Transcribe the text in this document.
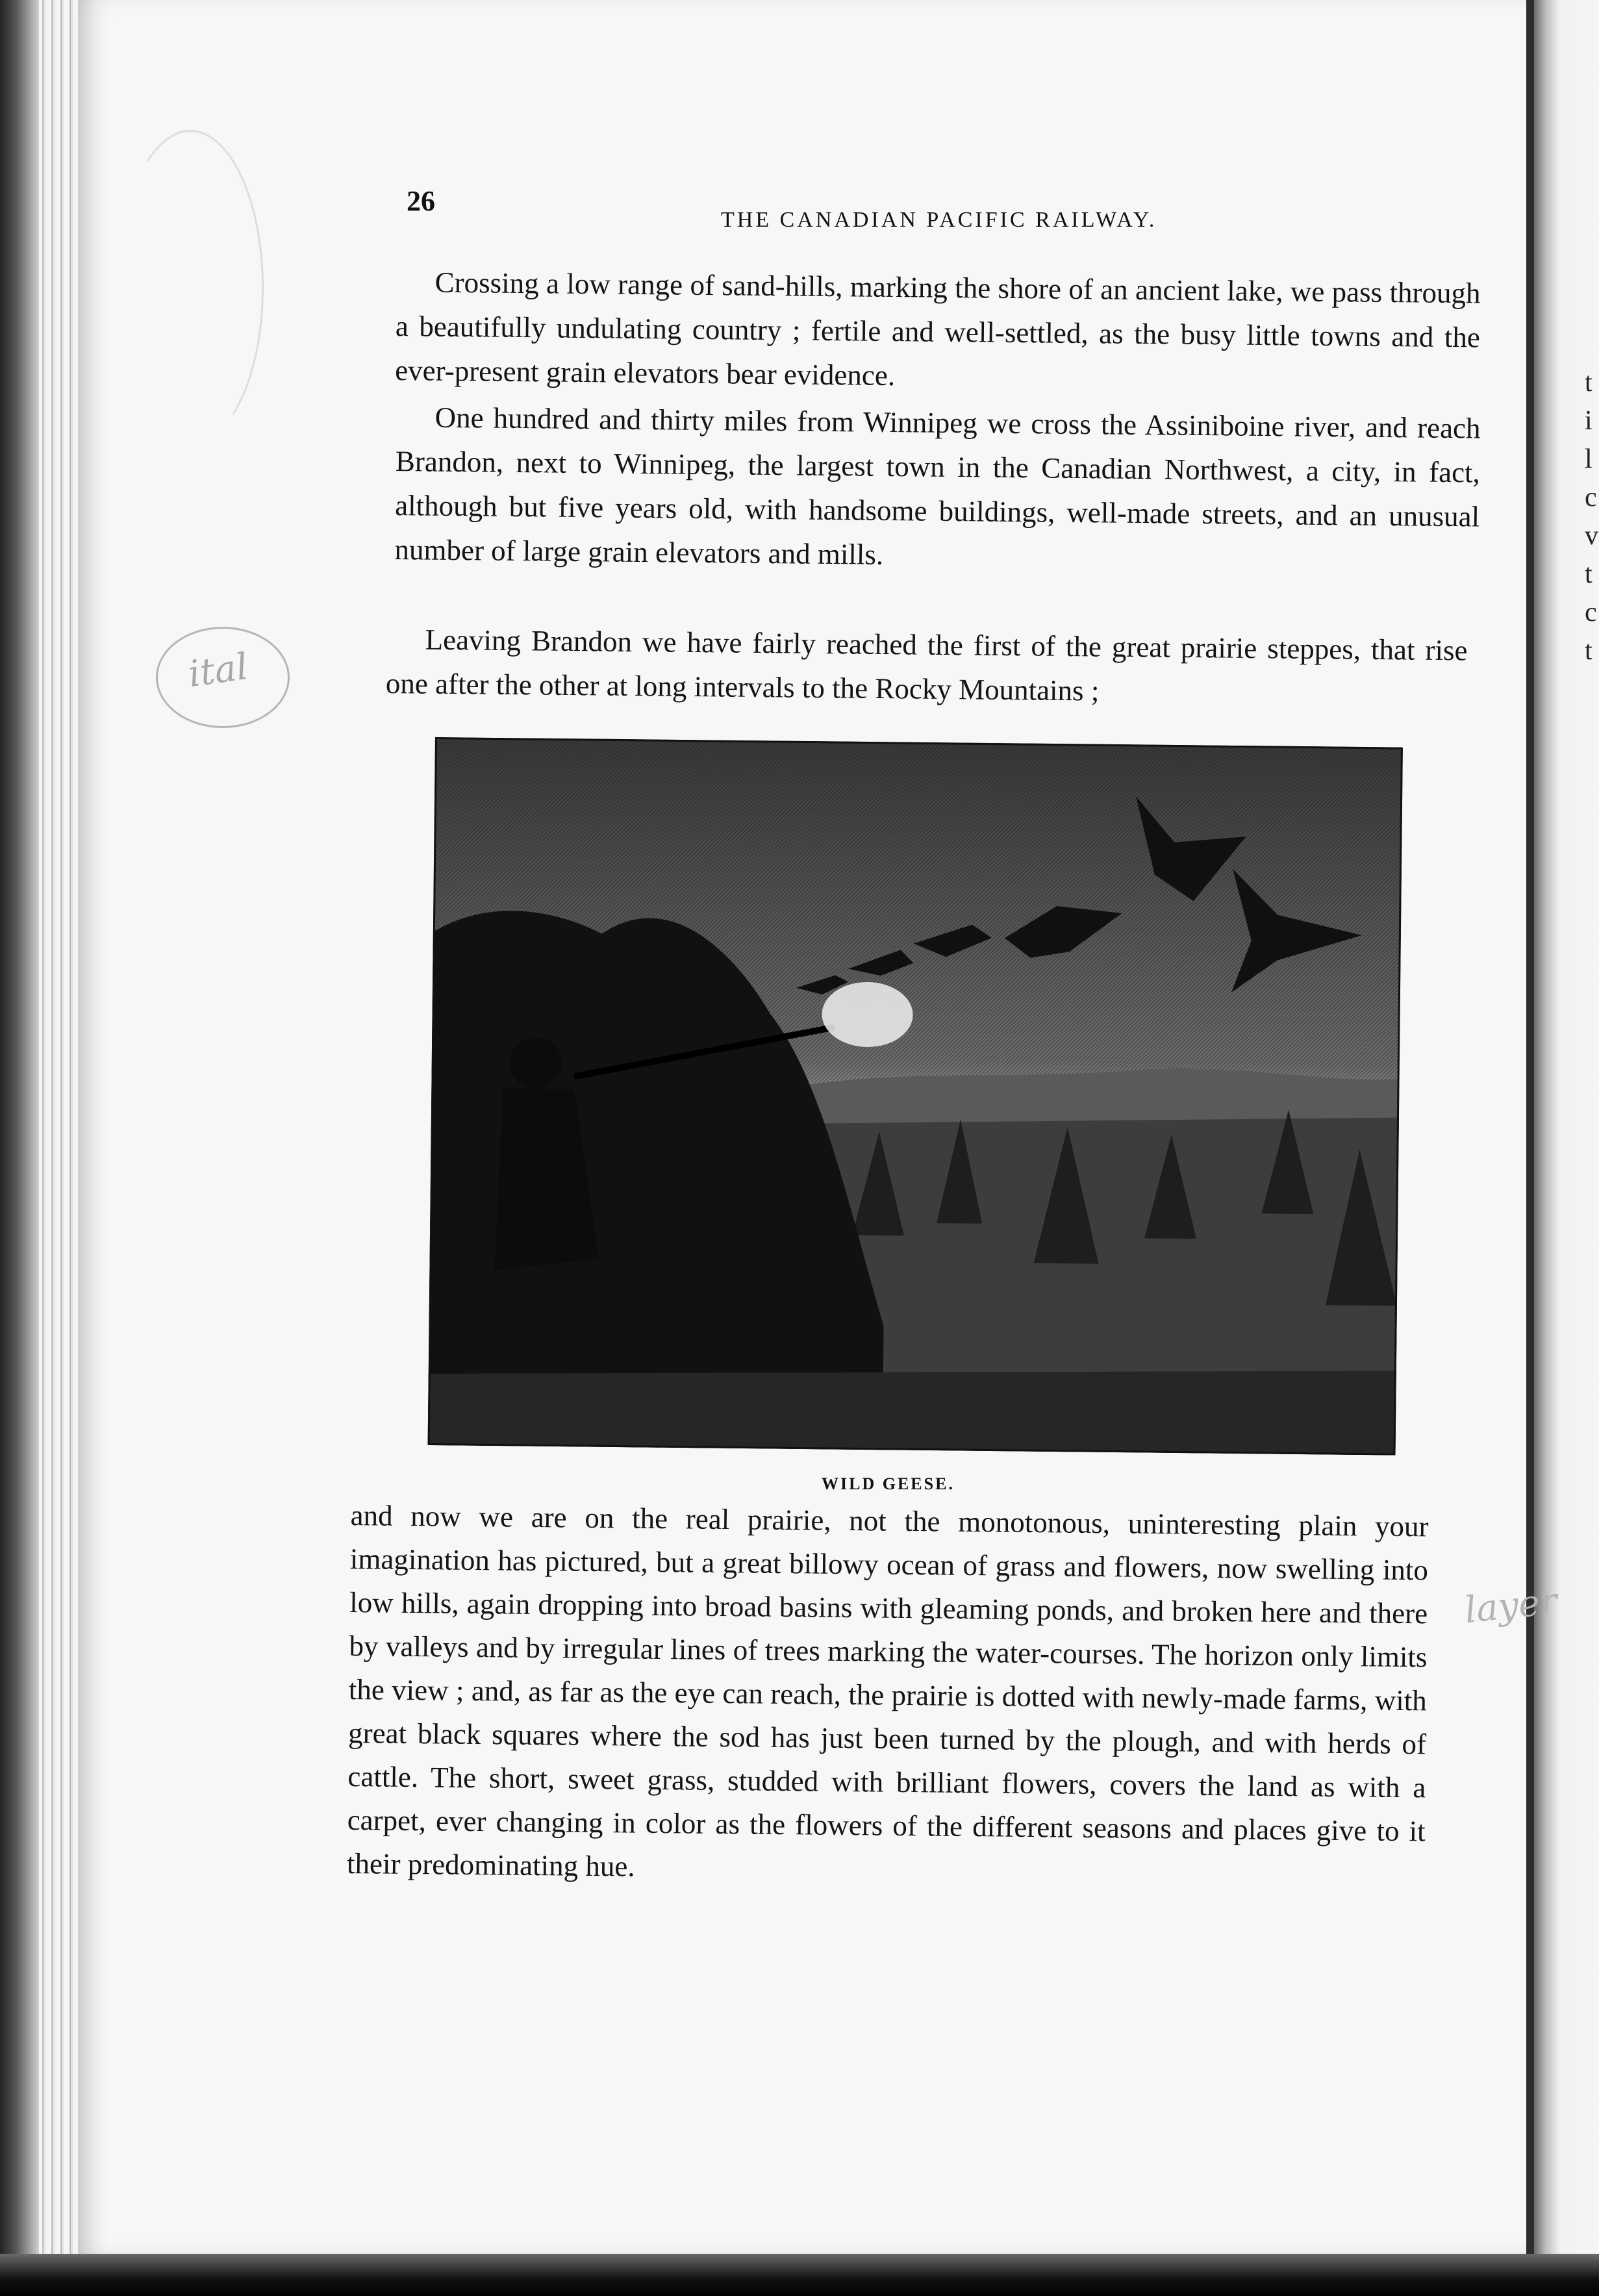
t
i
l
c
v
t
c
t
26
THE CANADIAN PACIFIC RAILWAY.

Crossing a low range of sand-hills, marking the shore of an ancient lake, we pass through a beautifully undulating country ; fertile and well-settled, as the busy little towns and the ever-present grain elevators bear evidence.

One hundred and thirty miles from Winnipeg we cross the Assiniboine river, and reach Brandon, next to Winnipeg, the largest town in the Canadian Northwest, a city, in fact, although but five years old, with handsome buildings, well-made streets, and an unusual number of large grain elevators and mills.

Leaving Brandon we have fairly reached the first of the great prairie steppes, that rise one after the other at long intervals to the Rocky Mountains ;

WILD GEESE.

and now we are on the real prairie, not the monotonous, uninteresting plain your imagination has pictured, but a great billowy ocean of grass and flowers, now swelling into low hills, again dropping into broad basins with gleaming ponds, and broken here and there by valleys and by irregular lines of trees marking the water-courses. The horizon only limits the view ; and, as far as the eye can reach, the prairie is dotted with newly-made farms, with great black squares where the sod has just been turned by the plough, and with herds of cattle. The short, sweet grass, studded with brilliant flowers, covers the land as with a carpet, ever changing in color as the flowers of the different seasons and places give to it their predominating hue.

ital
layer
